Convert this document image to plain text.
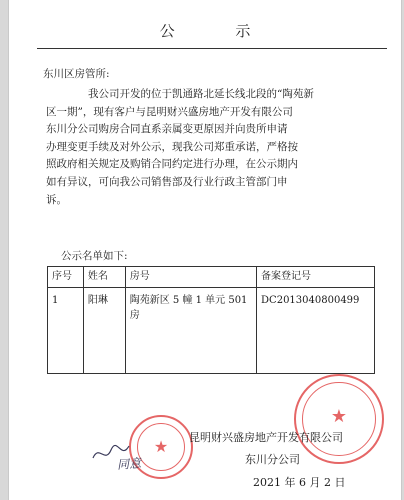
公 示
东川区房管所:
我公司开发的位于凯通路北延长线北段的“陶苑新
区一期”，现有客户与昆明财兴盛房地产开发有限公司
东川分公司购房合同直系亲属变更原因并向贵所申请
办理变更手续及对外公示，现我公司郑重承诺，严格按
照政府相关规定及购销合同约定进行办理，在公示期内
如有异议，可向我公司销售部及行业行政主管部门申
诉。
公示名单如下:
序号	姓名	房号	备案登记号
1	阳琳	陶苑新区 5 幢 1 单元 501 房	DC2013040800499
★
★
同意
昆明财兴盛房地产开发有限公司
东川分公司
2021 年 6 月 2 日
